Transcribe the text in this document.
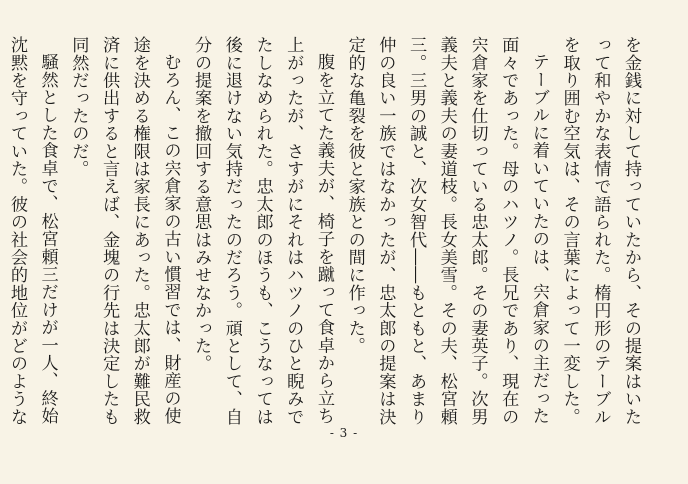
を金銭に対して持っていたから、その提案はいた
って和やかな表情で語られた。楕円形のテーブル
を取り囲む空気は、その言葉によって一変した。
テーブルに着いていたのは、宍倉家の主だった
面々であった。母のハツノ。長兄であり、現在の
宍倉家を仕切っている忠太郎。その妻英子。次男
義夫と義夫の妻道枝。長女美雪。その夫、松宮頼
三。三男の誠と、次女智代――もともと、あまり
仲の良い一族ではなかったが、忠太郎の提案は決
定的な亀裂を彼と家族との間に作った。
腹を立てた義夫が、椅子を蹴って食卓から立ち
上がったが、さすがにそれはハツノのひと睨みで
たしなめられた。忠太郎のほうも、こうなっては
後に退けない気持だったのだろう。頑として、自
分の提案を撤回する意思はみせなかった。
むろん、この宍倉家の古い慣習では、財産の使
途を決める権限は家長にあった。忠太郎が難民救
済に供出すると言えば、金塊の行先は決定したも
同然だったのだ。
騒然とした食卓で、松宮頼三だけが一人、終始
沈黙を守っていた。彼の社会的地位がどのような
- 3 -
